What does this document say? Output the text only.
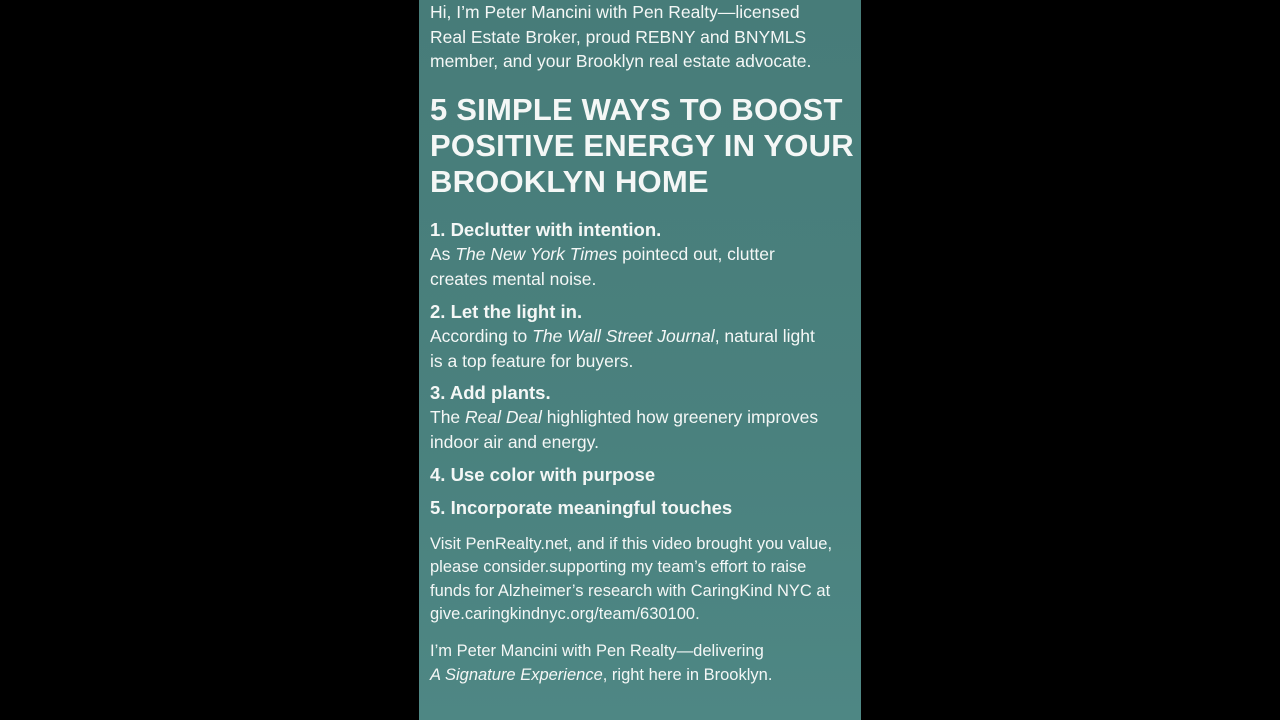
Hi, I’m Peter Mancini with Pen Realty—licensed
Real Estate Broker, proud REBNY and BNYMLS
member, and your Brooklyn real estate advocate.
5 SIMPLE WAYS TO BOOST
POSITIVE ENERGY IN YOUR
BROOKLYN HOME
1. Declutter with intention.
As The New York Times pointecd out, clutter
creates mental noise.
2. Let the light in.
According to The Wall Street Journal, natural light
is a top feature for buyers.
3. Add plants.
The Real Deal highlighted how greenery improves
indoor air and energy.
4. Use color with purpose
5. Incorporate meaningful touches
Visit PenRealty.net, and if this video brought you value,
please consider.supporting my team’s effort to raise
funds for Alzheimer’s research with CaringKind NYC at
give.caringkindnyc.org/team/630100.
I’m Peter Mancini with Pen Realty—delivering
A Signature Experience, right here in Brooklyn.
